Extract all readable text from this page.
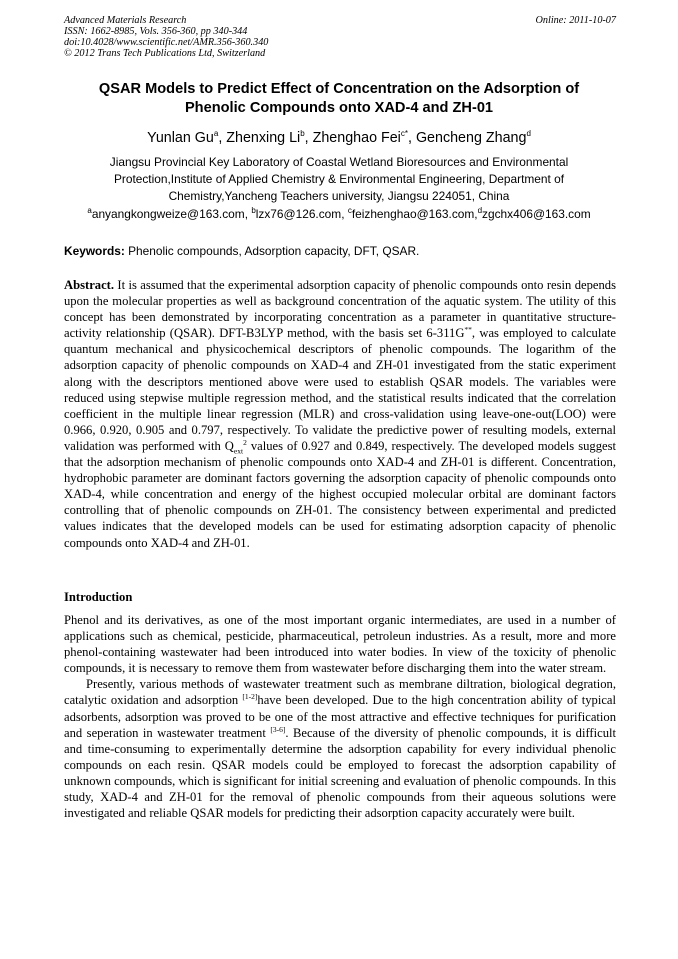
Advanced Materials Research
ISSN: 1662-8985, Vols. 356-360, pp 340-344
doi:10.4028/www.scientific.net/AMR.356-360.340
© 2012 Trans Tech Publications Ltd, Switzerland
Online: 2011-10-07
QSAR Models to Predict Effect of Concentration on the Adsorption of
Phenolic Compounds onto XAD-4 and ZH-01
Yunlan Gu$^a$, Zhenxing Li$^b$, Zhenghao Fei$^{c*}$, Gencheng Zhang$^d$
Jiangsu Provincial Key Laboratory of Coastal Wetland Bioresources and Environmental
Protection,Institute of Applied Chemistry & Environmental Engineering, Department of
Chemistry,Yancheng Teachers university, Jiangsu 224051, China
$^a$anyangkongweize@163.com, $^b$lzx76@126.com, $^c$feizhenghao@163.com,$^d$zgchx406@163.com
Keywords: Phenolic compounds, Adsorption capacity, DFT, QSAR.
Abstract. It is assumed that the experimental adsorption capacity of phenolic compounds onto resin depends upon the molecular properties as well as background concentration of the aquatic system. The utility of this concept has been demonstrated by incorporating concentration as a parameter in quantitative structure-activity relationship (QSAR). DFT-B3LYP method, with the basis set 6-311G**, was employed to calculate quantum mechanical and physicochemical descriptors of phenolic compounds. The logarithm of the adsorption capacity of phenolic compounds on XAD-4 and ZH-01 investigated from the static experiment along with the descriptors mentioned above were used to establish QSAR models. The variables were reduced using stepwise multiple regression method, and the statistical results indicated that the correlation coefficient in the multiple linear regression (MLR) and cross-validation using leave-one-out(LOO) were 0.966, 0.920, 0.905 and 0.797, respectively. To validate the predictive power of resulting models, external validation was performed with $Q_{ext}^2$ values of 0.927 and 0.849, respectively. The developed models suggest that the adsorption mechanism of phenolic compounds onto XAD-4 and ZH-01 is different. Concentration, hydrophobic parameter are dominant factors governing the adsorption capacity of phenolic compounds onto XAD-4, while concentration and energy of the highest occupied molecular orbital are dominant factors controlling that of phenolic compounds on ZH-01. The consistency between experimental and predicted values indicates that the developed models can be used for estimating adsorption capacity of phenolic compounds onto XAD-4 and ZH-01.
Introduction

Phenol and its derivatives, as one of the most important organic intermediates, are used in a number of applications such as chemical, pesticide, pharmaceutical, petroleun industries. As a result, more and more phenol-containing wastewater had been introduced into water bodies. In view of the toxicity of phenolic compounds, it is necessary to remove them from wastewater before discharging them into the water stream.

Presently, various methods of wastewater treatment such as membrane diltration, biological degration, catalytic oxidation and adsorption [1-2]have been developed. Due to the high concentration ability of typical adsorbents, adsorption was proved to be one of the most attractive and effective techniques for purification and seperation in wastewater treatment [3-6]. Because of the diversity of phenolic compounds, it is difficult and time-consuming to experimentally determine the adsorption capability for every individual phenolic compounds on each resin. QSAR models could be employed to forecast the adsorption capability of unknown compounds, which is significant for initial screening and evaluation of phenolic compounds. In this study, XAD-4 and ZH-01 for the removal of phenolic compounds from their aqueous solutions were investigated and reliable QSAR models for predicting their adsorption capacity accurately were built.
